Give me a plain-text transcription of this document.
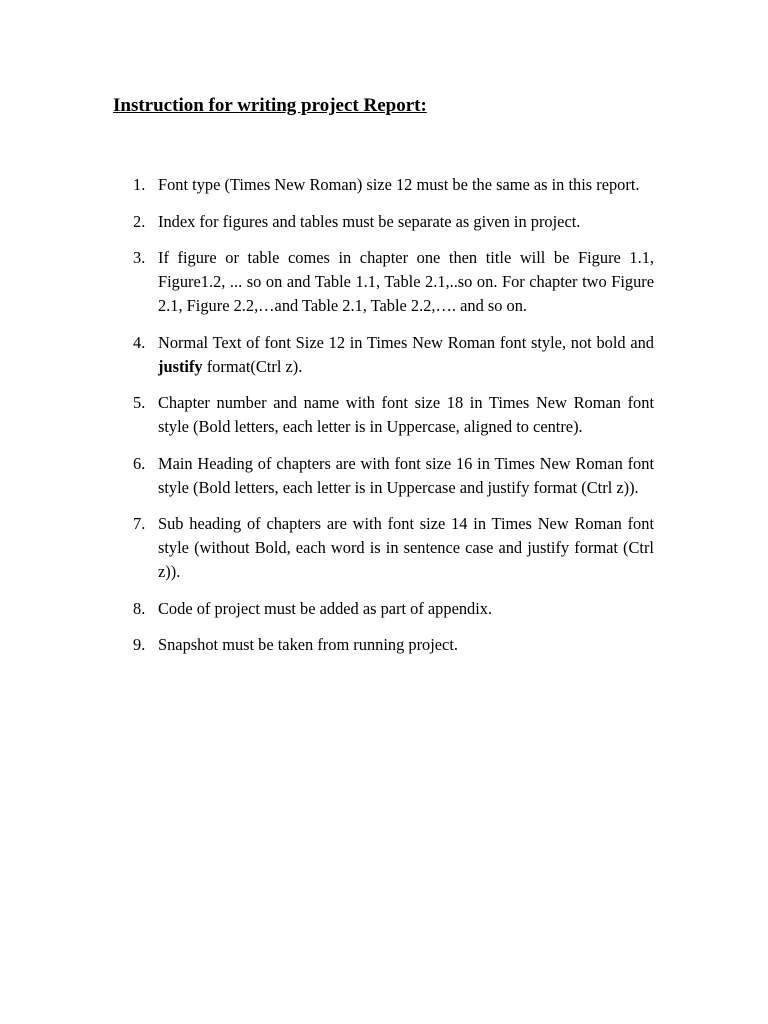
Instruction for writing project Report:
1. Font type (Times New Roman) size 12 must be the same as in this report.
2. Index for figures and tables must be separate as given in project.
3. If figure or table comes in chapter one then title will be Figure 1.1, Figure1.2, ... so on and Table 1.1, Table 2.1,..so on. For chapter two Figure 2.1, Figure 2.2,…and Table 2.1, Table 2.2,…. and so on.
4. Normal Text of font Size 12 in Times New Roman font style, not bold and justify format(Ctrl z).
5. Chapter number and name with font size 18 in Times New Roman font style (Bold letters, each letter is in Uppercase, aligned to centre).
6. Main Heading of chapters are with font size 16 in Times New Roman font style (Bold letters, each letter is in Uppercase and justify format (Ctrl z)).
7. Sub heading of chapters are with font size 14 in Times New Roman font style (without Bold, each word is in sentence case and justify format (Ctrl z)).
8. Code of project must be added as part of appendix.
9. Snapshot must be taken from running project.
